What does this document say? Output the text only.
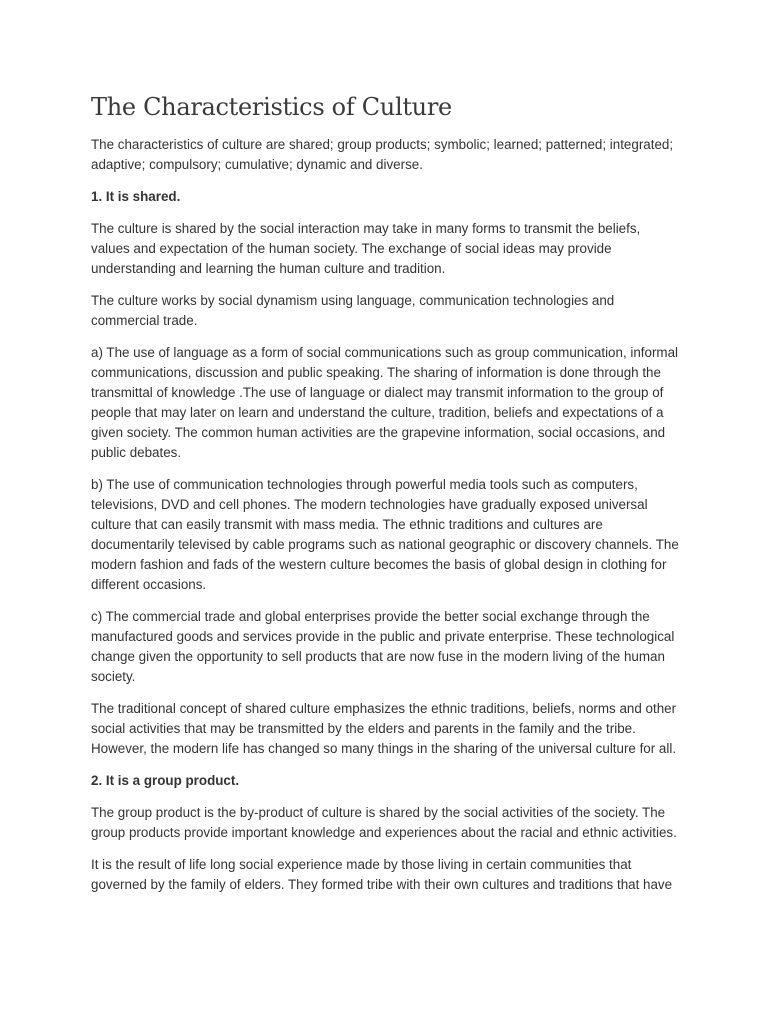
The Characteristics of Culture

The characteristics of culture are shared; group products; symbolic; learned; patterned; integrated; adaptive; compulsory; cumulative; dynamic and diverse.

1. It is shared.

The culture is shared by the social interaction may take in many forms to transmit the beliefs, values and expectation of the human society. The exchange of social ideas may provide understanding and learning the human culture and tradition.

The culture works by social dynamism using language, communication technologies and commercial trade.

a) The use of language as a form of social communications such as group communication, informal communications, discussion and public speaking. The sharing of information is done through the transmittal of knowledge .The use of language or dialect may transmit information to the group of people that may later on learn and understand the culture, tradition, beliefs and expectations of a given society. The common human activities are the grapevine information, social occasions, and public debates.

b) The use of communication technologies through powerful media tools such as computers, televisions, DVD and cell phones. The modern technologies have gradually exposed universal culture that can easily transmit with mass media. The ethnic traditions and cultures are documentarily televised by cable programs such as national geographic or discovery channels. The modern fashion and fads of the western culture becomes the basis of global design in clothing for different occasions.

c) The commercial trade and global enterprises provide the better social exchange through the manufactured goods and services provide in the public and private enterprise. These technological change given the opportunity to sell products that are now fuse in the modern living of the human society.

The traditional concept of shared culture emphasizes the ethnic traditions, beliefs, norms and other social activities that may be transmitted by the elders and parents in the family and the tribe. However, the modern life has changed so many things in the sharing of the universal culture for all.

2. It is a group product.

The group product is the by-product of culture is shared by the social activities of the society. The group products provide important knowledge and experiences about the racial and ethnic activities.

It is the result of life long social experience made by those living in certain communities that governed by the family of elders. They formed tribe with their own cultures and traditions that have
